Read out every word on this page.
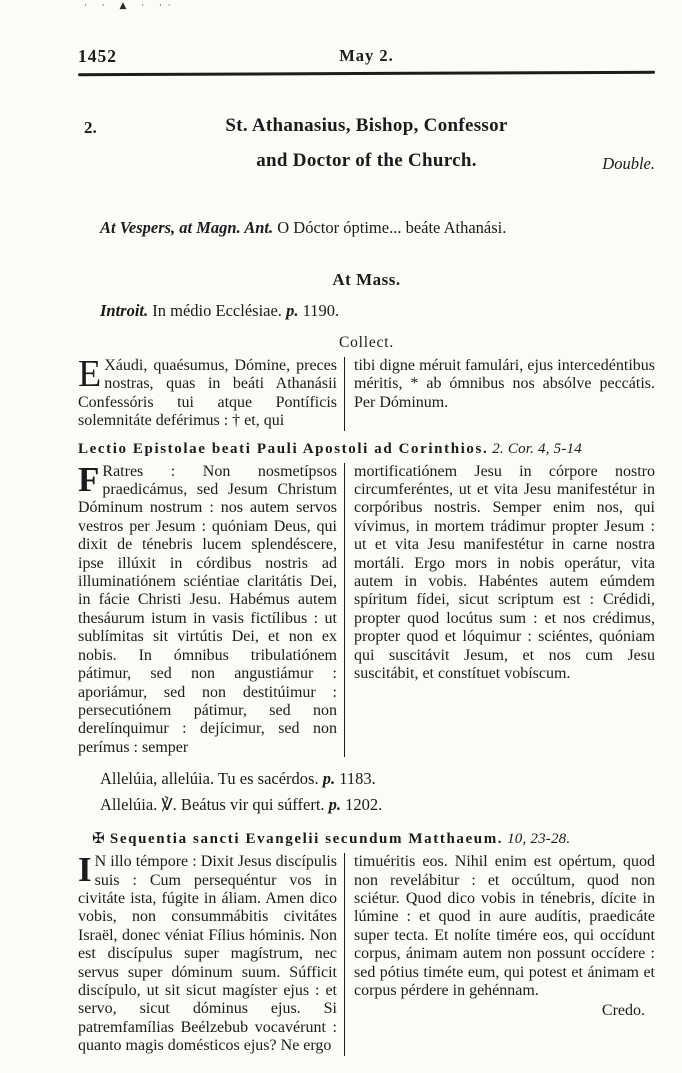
· · ▲ · ··
1452	May 2.
2.	St. Athanasius, Bishop, Confessor
and Doctor of the Church.	Double.
At Vespers, at Magn. Ant. O Dóctor óptime... beáte Athanási.
At Mass.
Introit. In médio Ecclésiae. p. 1190.
Collect.
E Xáudi, quaésumus, Dómine, preces nostras, quas in beáti Athanásii Confessóris tui atque Pontíficis solemnitáte deférimus : † et, qui
tibi digne méruit famulári, ejus intercedéntibus méritis, * ab ómnibus nos absólve peccátis. Per Dóminum.
Lectio Epistolae beati Pauli Apostoli ad Corinthios. 2. Cor. 4, 5-14
F Ratres : Non nosmetípsos praedicámus, sed Jesum Christum Dóminum nostrum : nos autem servos vestros per Jesum : quóniam Deus, qui dixit de ténebris lucem splendéscere, ipse illúxit in córdibus nostris ad illuminatiónem sciéntiae claritátis Dei, in fácie Christi Jesu. Habémus autem thesáurum istum in vasis fictílibus : ut sublímitas sit virtútis Dei, et non ex nobis. In ómnibus tribulatiónem pátimur, sed non angustiámur : aporiámur, sed non destitúimur : persecutiónem pátimur, sed non derelínquimur : dejícimur, sed non perímus : semper
mortificatiónem Jesu in córpore nostro circumferéntes, ut et vita Jesu manifestétur in corpóribus nostris. Semper enim nos, qui vívimus, in mortem trádimur propter Jesum : ut et vita Jesu manifestétur in carne nostra mortáli. Ergo mors in nobis operátur, vita autem in vobis. Habéntes autem eúmdem spíritum fídei, sicut scriptum est : Crédidi, propter quod locútus sum : et nos crédimus, propter quod et lóquimur : sciéntes, quóniam qui suscitávit Jesum, et nos cum Jesu suscitábit, et constítuet vobíscum.
Allelúia, allelúia. Tu es sacérdos. p. 1183.
Allelúia. ℣. Beátus vir qui súffert. p. 1202.
✠ Sequentia sancti Evangelii secundum Matthaeum. 10, 23-28.
I N illo témpore : Dixit Jesus discípulis suis : Cum persequéntur vos in civitáte ista, fúgite in áliam. Amen dico vobis, non consummábitis civitátes Israël, donec véniat Fílius hóminis. Non est discípulus super magístrum, nec servus super dóminum suum. Súfficit discípulo, ut sit sicut magíster ejus : et servo, sicut dóminus ejus. Si patremfamílias Beélzebub vocavérunt : quanto magis domésticos ejus? Ne ergo
timuéritis eos. Nihil enim est opértum, quod non revelábitur : et occúltum, quod non sciétur. Quod dico vobis in ténebris, dícite in lúmine : et quod in aure audítis, praedicáte super tecta. Et nolíte timére eos, qui occídunt corpus, ánimam autem non possunt occídere : sed pótius timéte eum, qui potest et ánimam et corpus pérdere in gehénnam.
Credo.
